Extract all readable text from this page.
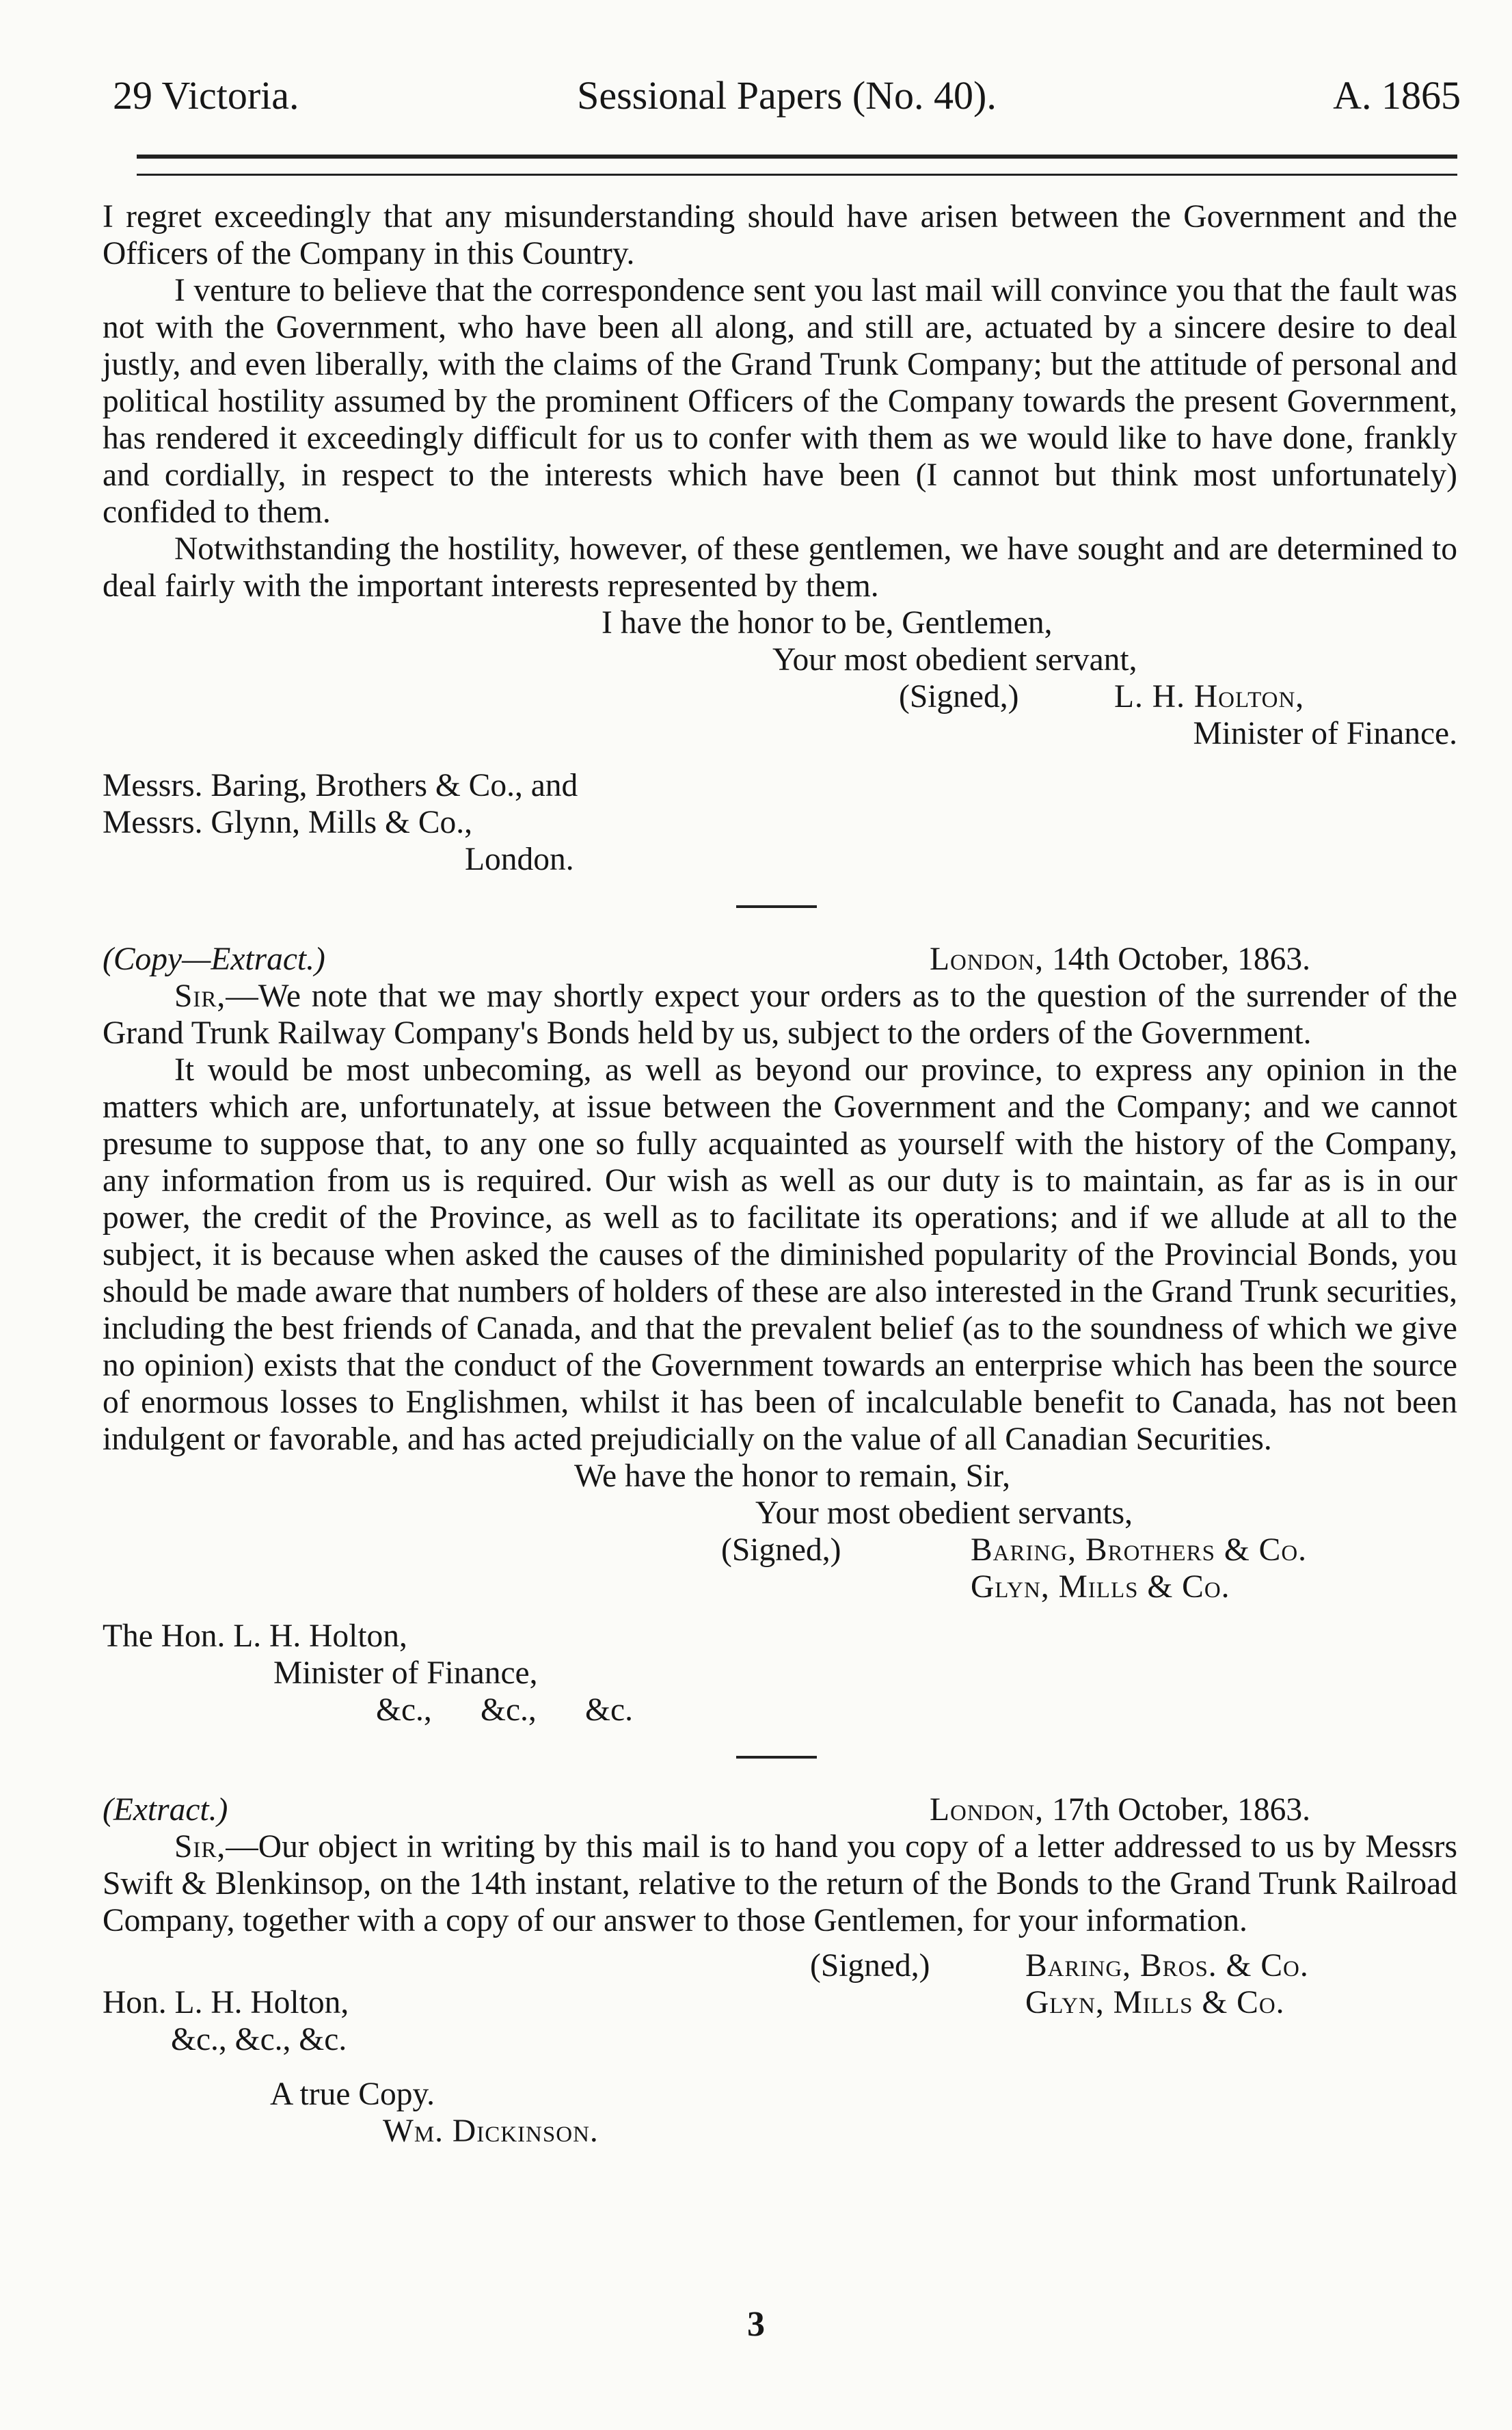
29 Victoria.	Sessional Papers (No. 40).	A. 1865

I regret exceedingly that any misunderstanding should have arisen between the Government and the Officers of the Company in this Country.

I venture to believe that the correspondence sent you last mail will convince you that the fault was not with the Government, who have been all along, and still are, actuated by a sincere desire to deal justly, and even liberally, with the claims of the Grand Trunk Company; but the attitude of personal and political hostility assumed by the prominent Officers of the Company towards the present Government, has rendered it exceedingly difficult for us to confer with them as we would like to have done, frankly and cordially, in respect to the interests which have been (I cannot but think most unfortunately) confided to them.

Notwithstanding the hostility, however, of these gentlemen, we have sought and are determined to deal fairly with the important interests represented by them.

I have the honor to be, Gentlemen,
Your most obedient servant,
(Signed,)	L. H. Holton,
Minister of Finance.
Messrs. Baring, Brothers & Co., and
Messrs. Glynn, Mills & Co.,
London.
(Copy—Extract.)	London, 14th October, 1863.

Sir,—We note that we may shortly expect your orders as to the question of the surrender of the Grand Trunk Railway Company's Bonds held by us, subject to the orders of the Government.

It would be most unbecoming, as well as beyond our province, to express any opinion in the matters which are, unfortunately, at issue between the Government and the Company; and we cannot presume to suppose that, to any one so fully acquainted as yourself with the history of the Company, any information from us is required. Our wish as well as our duty is to maintain, as far as is in our power, the credit of the Province, as well as to facilitate its operations; and if we allude at all to the subject, it is because when asked the causes of the diminished popularity of the Provincial Bonds, you should be made aware that numbers of holders of these are also interested in the Grand Trunk securities, including the best friends of Canada, and that the prevalent belief (as to the soundness of which we give no opinion) exists that the conduct of the Government towards an enterprise which has been the source of enormous losses to Englishmen, whilst it has been of incalculable benefit to Canada, has not been indulgent or favorable, and has acted prejudicially on the value of all Canadian Securities.

We have the honor to remain, Sir,
Your most obedient servants,
(Signed,)	Baring, Brothers & Co.
Glyn, Mills & Co.
The Hon. L. H. Holton,
Minister of Finance,
&c.,      &c.,      &c.
(Extract.)	London, 17th October, 1863.

Sir,—Our object in writing by this mail is to hand you copy of a letter addressed to us by Messrs Swift & Blenkinsop, on the 14th instant, relative to the return of the Bonds to the Grand Trunk Railroad Company, together with a copy of our answer to those Gentlemen, for your information.

(Signed,)	Baring, Bros. & Co.
Hon. L. H. Holton,	Glyn, Mills & Co.
&c., &c., &c.
A true Copy.
Wm. Dickinson.
3
